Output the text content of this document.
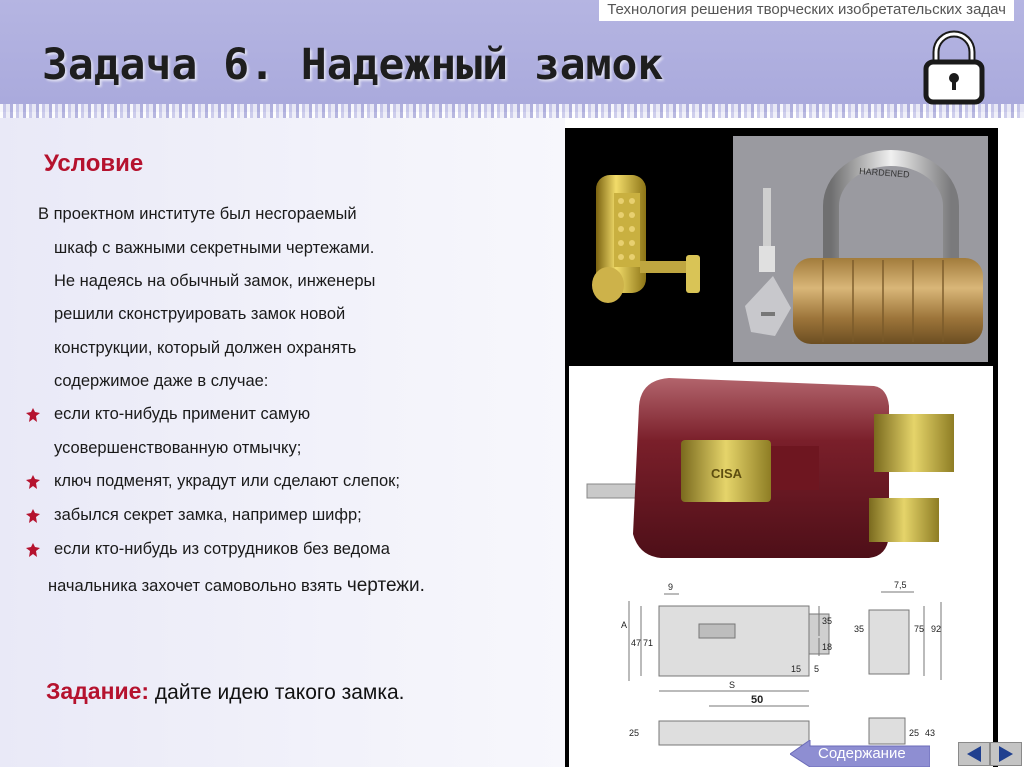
Технология решения творческих изобретательских задач
Задача 6. Надежный замок
Условие
В проектном институте был несгораемый
шкаф с важными секретными чертежами.
Не надеясь на обычный замок, инженеры
решили сконструировать замок новой
конструкции, который должен охранять
содержимое даже в случае:
если кто-нибудь применит самую
усовершенствованную отмычку;
ключ подменят, украдут или сделают слепок;
забылся секрет замка, например шифр;
если кто-нибудь из сотрудников без ведома
начальника захочет самовольно взять чертежи.
Задание: дайте идею такого замка.
HARDENED
CISA
9	7,5
A
47 71
35
18
15 5
S
50
75 92
35
25	25 43
Содержание
